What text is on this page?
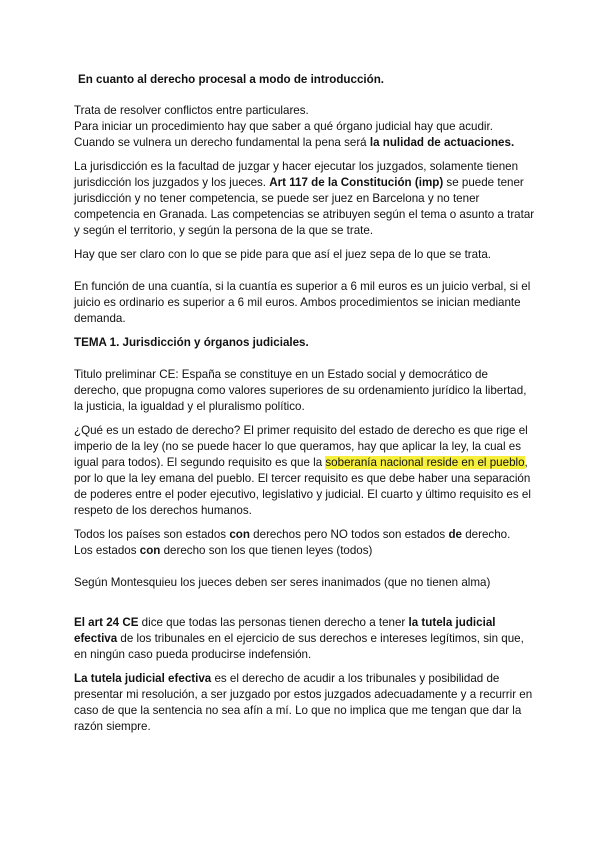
En cuanto al derecho procesal a modo de introducción.

Trata de resolver conflictos entre particulares.

Para iniciar un procedimiento hay que saber a qué órgano judicial hay que acudir.

Cuando se vulnera un derecho fundamental la pena será la nulidad de actuaciones.

La jurisdicción es la facultad de juzgar y hacer ejecutar los juzgados, solamente tienen jurisdicción los juzgados y los jueces. Art 117 de la Constitución (imp) se puede tener jurisdicción y no tener competencia, se puede ser juez en Barcelona y no tener competencia en Granada. Las competencias se atribuyen según el tema o asunto a tratar y según el territorio, y según la persona de la que se trate.
Hay que ser claro con lo que se pide para que así el juez sepa de lo que se trata.
En función de una cuantía, si la cuantía es superior a 6 mil euros es un juicio verbal, si el juicio es ordinario es superior a 6 mil euros. Ambos procedimientos se inician mediante demanda.
TEMA 1. Jurisdicción y órganos judiciales.
Titulo preliminar CE: España se constituye en un Estado social y democrático de derecho, que propugna como valores superiores de su ordenamiento jurídico la libertad, la justicia, la igualdad y el pluralismo político.
¿Qué es un estado de derecho? El primer requisito del estado de derecho es que rige el imperio de la ley (no se puede hacer lo que queramos, hay que aplicar la ley, la cual es igual para todos). El segundo requisito es que la soberanía nacional reside en el pueblo, por lo que la ley emana del pueblo. El tercer requisito es que debe haber una separación de poderes entre el poder ejecutivo, legislativo y judicial. El cuarto y último requisito es el respeto de los derechos humanos.

Todos los países son estados con derechos pero NO todos son estados de derecho.

Los estados con derecho son los que tienen leyes (todos)

Según Montesquieu los jueces deben ser seres inanimados (que no tienen alma)
El art 24 CE dice que todas las personas tienen derecho a tener la tutela judicial efectiva de los tribunales en el ejercicio de sus derechos e intereses legítimos, sin que, en ningún caso pueda producirse indefensión.
La tutela judicial efectiva es el derecho de acudir a los tribunales y posibilidad de presentar mi resolución, a ser juzgado por estos juzgados adecuadamente y a recurrir en caso de que la sentencia no sea afín a mí. Lo que no implica que me tengan que dar la razón siempre.
